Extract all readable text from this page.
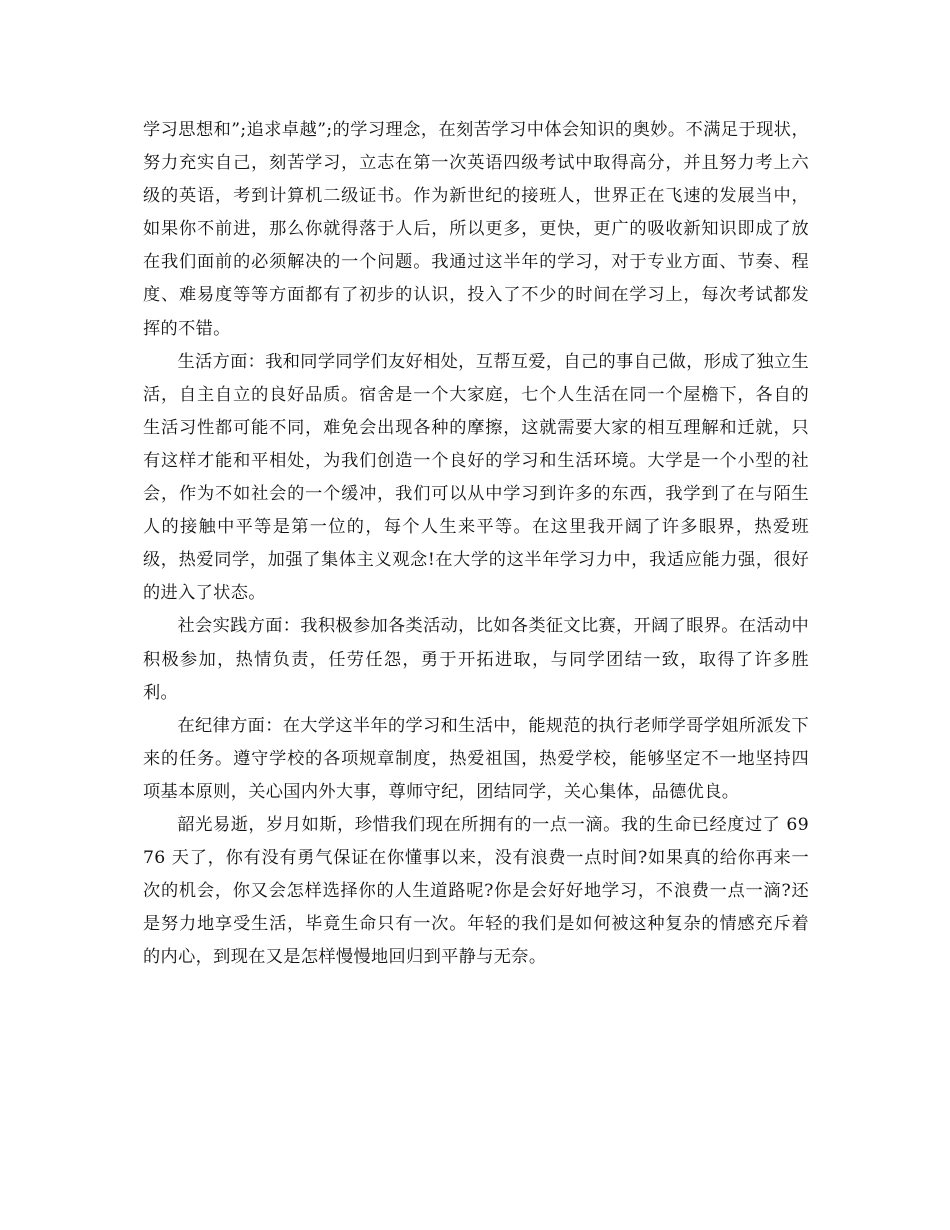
学习思想和”;追求卓越”;的学习理念，在刻苦学习中体会知识的奥妙。不满足于现状，努力充实自己，刻苦学习，立志在第一次英语四级考试中取得高分，并且努力考上六级的英语，考到计算机二级证书。作为新世纪的接班人，世界正在飞速的发展当中，如果你不前进，那么你就得落于人后，所以更多，更快，更广的吸收新知识即成了放在我们面前的必须解决的一个问题。我通过这半年的学习，对于专业方面、节奏、程度、难易度等等方面都有了初步的认识，投入了不少的时间在学习上，每次考试都发挥的不错。

生活方面：我和同学同学们友好相处，互帮互爱，自己的事自己做，形成了独立生活，自主自立的良好品质。宿舍是一个大家庭，七个人生活在同一个屋檐下，各自的生活习性都可能不同，难免会出现各种的摩擦，这就需要大家的相互理解和迁就，只有这样才能和平相处，为我们创造一个良好的学习和生活环境。大学是一个小型的社会，作为不如社会的一个缓冲，我们可以从中学习到许多的东西，我学到了在与陌生人的接触中平等是第一位的，每个人生来平等。在这里我开阔了许多眼界，热爱班级，热爱同学，加强了集体主义观念!在大学的这半年学习力中，我适应能力强，很好的进入了状态。

社会实践方面：我积极参加各类活动，比如各类征文比赛，开阔了眼界。在活动中积极参加，热情负责，任劳任怨，勇于开拓进取，与同学团结一致，取得了许多胜利。

在纪律方面：在大学这半年的学习和生活中，能规范的执行老师学哥学姐所派发下来的任务。遵守学校的各项规章制度，热爱祖国，热爱学校，能够坚定不一地坚持四项基本原则，关心国内外大事，尊师守纪，团结同学，关心集体，品德优良。

韶光易逝，岁月如斯，珍惜我们现在所拥有的一点一滴。我的生命已经度过了 6976 天了，你有没有勇气保证在你懂事以来，没有浪费一点时间?如果真的给你再来一次的机会，你又会怎样选择你的人生道路呢?你是会好好地学习，不浪费一点一滴?还是努力地享受生活，毕竟生命只有一次。年轻的我们是如何被这种复杂的情感充斥着的内心，到现在又是怎样慢慢地回归到平静与无奈。
